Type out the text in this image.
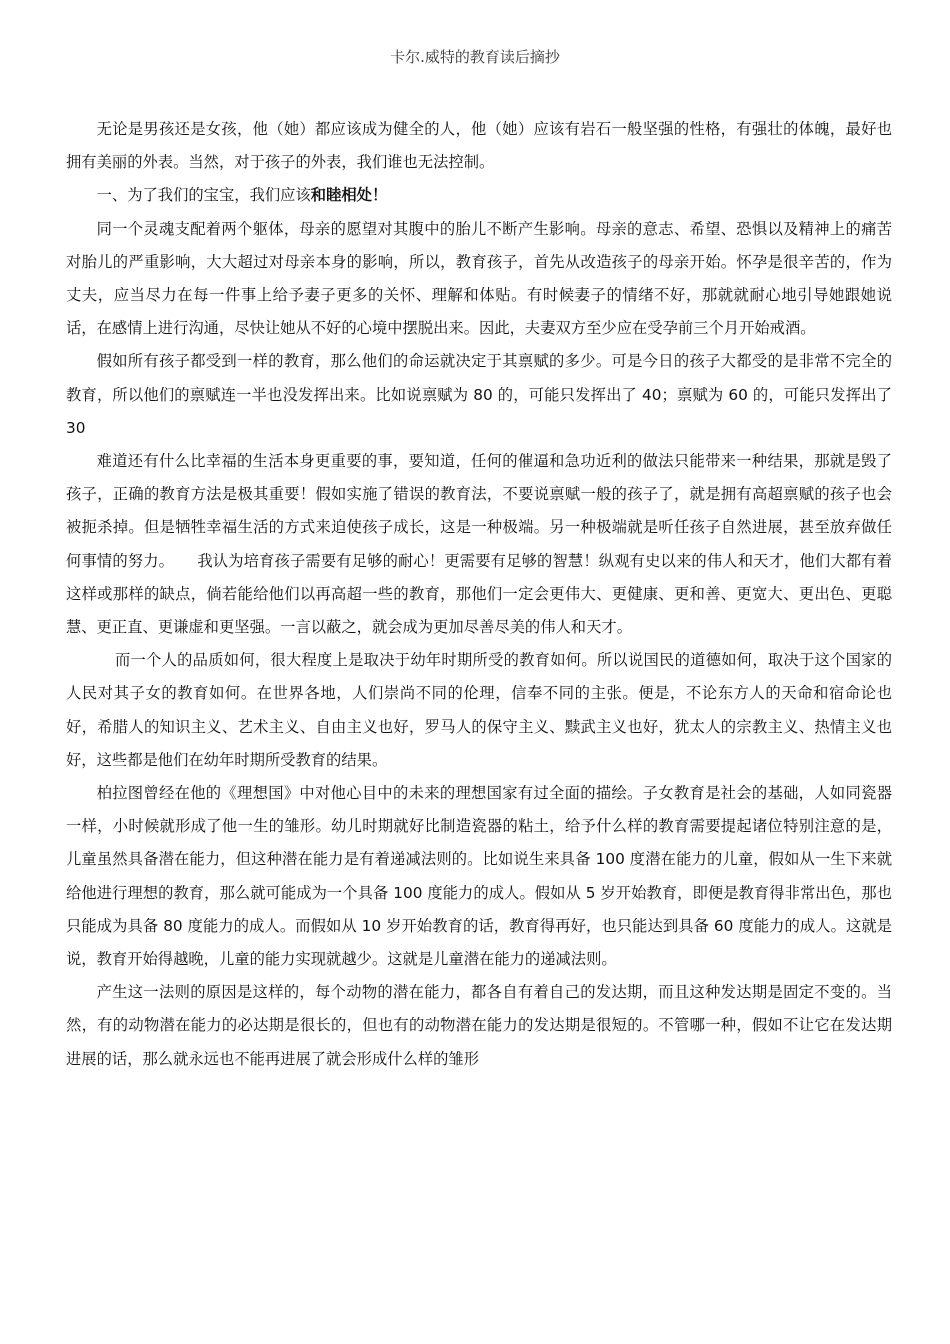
卡尔.威特的教育读后摘抄

无论是男孩还是女孩，他（她）都应该成为健全的人，他（她）应该有岩石一般坚强的性格，有强壮的体魄，最好也拥有美丽的外表。当然，对于孩子的外表，我们谁也无法控制。

一、为了我们的宝宝，我们应该和睦相处！

同一个灵魂支配着两个躯体，母亲的愿望对其腹中的胎儿不断产生影响。母亲的意志、希望、恐惧以及精神上的痛苦对胎儿的严重影响，大大超过对母亲本身的影响，所以，教育孩子，首先从改造孩子的母亲开始。怀孕是很辛苦的，作为丈夫，应当尽力在每一件事上给予妻子更多的关怀、理解和体贴。有时候妻子的情绪不好，那就就耐心地引导她跟她说话，在感情上进行沟通，尽快让她从不好的心境中摆脱出来。因此，夫妻双方至少应在受孕前三个月开始戒酒。

假如所有孩子都受到一样的教育，那么他们的命运就决定于其禀赋的多少。可是今日的孩子大都受的是非常不完全的教育，所以他们的禀赋连一半也没发挥出来。比如说禀赋为 80 的，可能只发挥出了 40；禀赋为 60 的，可能只发挥出了 30

难道还有什么比幸福的生活本身更重要的事，要知道，任何的催逼和急功近利的做法只能带来一种结果，那就是毁了孩子，正确的教育方法是极其重要！假如实施了错误的教育法，不要说禀赋一般的孩子了，就是拥有高超禀赋的孩子也会被扼杀掉。但是牺牲幸福生活的方式来迫使孩子成长，这是一种极端。另一种极端就是听任孩子自然进展，甚至放弃做任何事情的努力。　　我认为培育孩子需要有足够的耐心！更需要有足够的智慧！纵观有史以来的伟人和天才，他们大都有着这样或那样的缺点，倘若能给他们以再高超一些的教育，那他们一定会更伟大、更健康、更和善、更宽大、更出色、更聪慧、更正直、更谦虚和更坚强。一言以蔽之，就会成为更加尽善尽美的伟人和天才。

而一个人的品质如何，很大程度上是取决于幼年时期所受的教育如何。所以说国民的道德如何，取决于这个国家的人民对其子女的教育如何。在世界各地，人们崇尚不同的伦理，信奉不同的主张。便是，不论东方人的天命和宿命论也好，希腊人的知识主义、艺术主义、自由主义也好，罗马人的保守主义、黩武主义也好，犹太人的宗教主义、热情主义也好，这些都是他们在幼年时期所受教育的结果。

柏拉图曾经在他的《理想国》中对他心目中的未来的理想国家有过全面的描绘。子女教育是社会的基础，人如同瓷器一样，小时候就形成了他一生的雏形。幼儿时期就好比制造瓷器的粘土，给予什么样的教育需要提起诸位特别注意的是，儿童虽然具备潜在能力，但这种潜在能力是有着递减法则的。比如说生来具备 100 度潜在能力的儿童，假如从一生下来就给他进行理想的教育，那么就可能成为一个具备 100 度能力的成人。假如从 5 岁开始教育，即便是教育得非常出色，那也只能成为具备 80 度能力的成人。而假如从 10 岁开始教育的话，教育得再好，也只能达到具备 60 度能力的成人。这就是说，教育开始得越晚，儿童的能力实现就越少。这就是儿童潜在能力的递减法则。

产生这一法则的原因是这样的，每个动物的潜在能力，都各自有着自己的发达期，而且这种发达期是固定不变的。当然，有的动物潜在能力的必达期是很长的，但也有的动物潜在能力的发达期是很短的。不管哪一种，假如不让它在发达期进展的话，那么就永远也不能再进展了就会形成什么样的雏形
